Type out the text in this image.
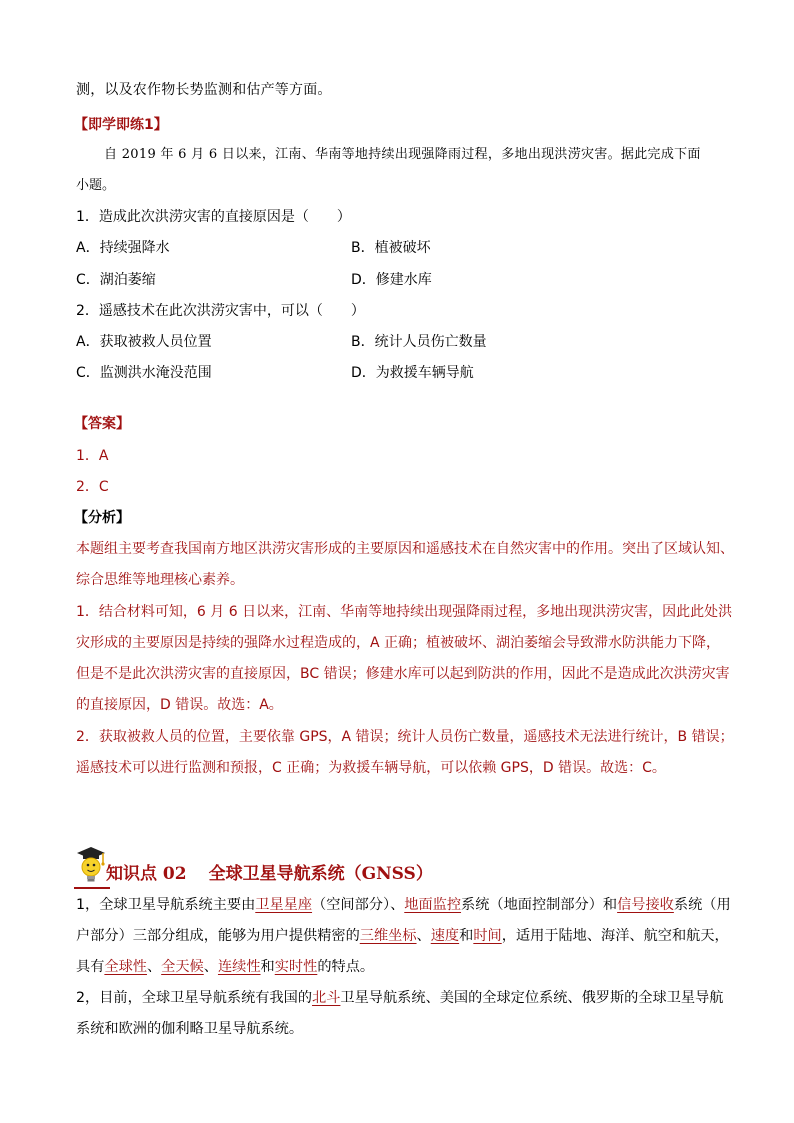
测，以及农作物长势监测和估产等方面。
【即学即练1】
自 2019 年 6 月 6 日以来，江南、华南等地持续出现强降雨过程，多地出现洪涝灾害。据此完成下面
小题。
1．造成此次洪涝灾害的直接原因是（　　）
A．持续强降水	B．植被破坏
C．湖泊萎缩	D．修建水库
2．遥感技术在此次洪涝灾害中，可以（　　）
A．获取被救人员位置	B．统计人员伤亡数量
C．监测洪水淹没范围	D．为救援车辆导航
【答案】
1．A
2．C
【分析】
本题组主要考查我国南方地区洪涝灾害形成的主要原因和遥感技术在自然灾害中的作用。突出了区域认知、
综合思维等地理核心素养。
1．结合材料可知，6 月 6 日以来，江南、华南等地持续出现强降雨过程，多地出现洪涝灾害，因此此处洪
灾形成的主要原因是持续的强降水过程造成的，A 正确；植被破坏、湖泊萎缩会导致滞水防洪能力下降，
但是不是此次洪涝灾害的直接原因，BC 错误；修建水库可以起到防洪的作用，因此不是造成此次洪涝灾害
的直接原因，D 错误。故选：A。
2．获取被救人员的位置，主要依靠 GPS，A 错误；统计人员伤亡数量，遥感技术无法进行统计，B 错误；
遥感技术可以进行监测和预报，C 正确；为救援车辆导航，可以依赖 GPS，D 错误。故选：C。
知识点 02 全球卫星导航系统（GNSS）
1，全球卫星导航系统主要由卫星星座（空间部分）、地面监控系统（地面控制部分）和信号接收系统（用
户部分）三部分组成，能够为用户提供精密的三维坐标、速度和时间，适用于陆地、海洋、航空和航天，
具有全球性、全天候、连续性和实时性的特点。
2，目前，全球卫星导航系统有我国的北斗卫星导航系统、美国的全球定位系统、俄罗斯的全球卫星导航
系统和欧洲的伽利略卫星导航系统。
